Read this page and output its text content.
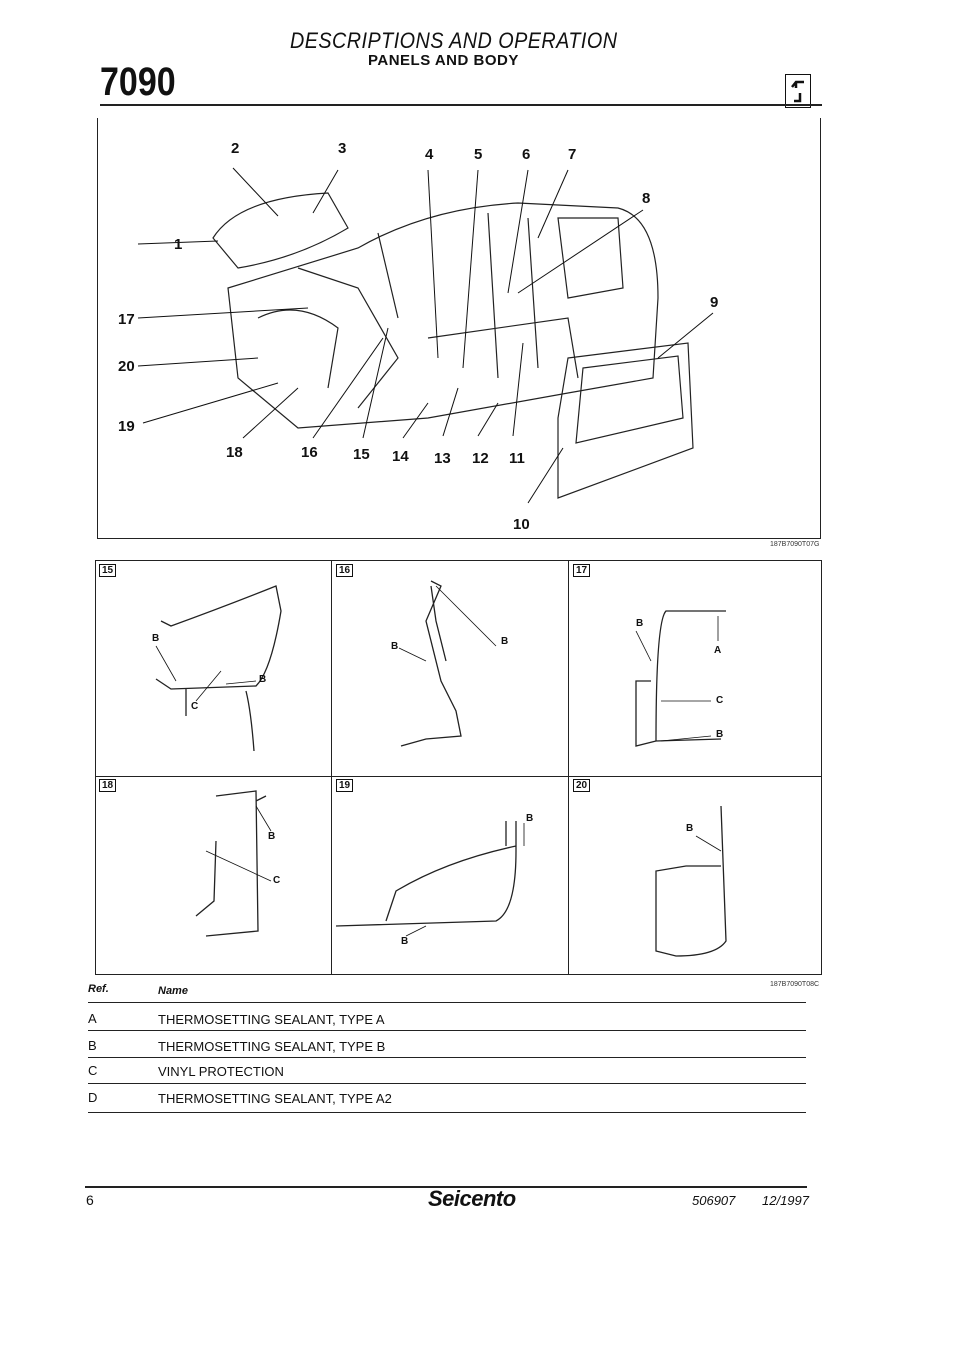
DESCRIPTIONS AND OPERATION
PANELS AND BODY
7090
1
2	3	4	5	6	7
8
9
10
11
12
13
14
15
16
17
18
19
20
187B7090T07G
15	16	17
18	19	20
B
B
C
B	B
B
A
C
B
B
C
B
B
B
187B7090T08C
Ref.	Name
A	THERMOSETTING SEALANT, TYPE A
B	THERMOSETTING SEALANT, TYPE B
C	VINYL PROTECTION
D	THERMOSETTING SEALANT, TYPE A2
6	Seicento	506907 12/1997
